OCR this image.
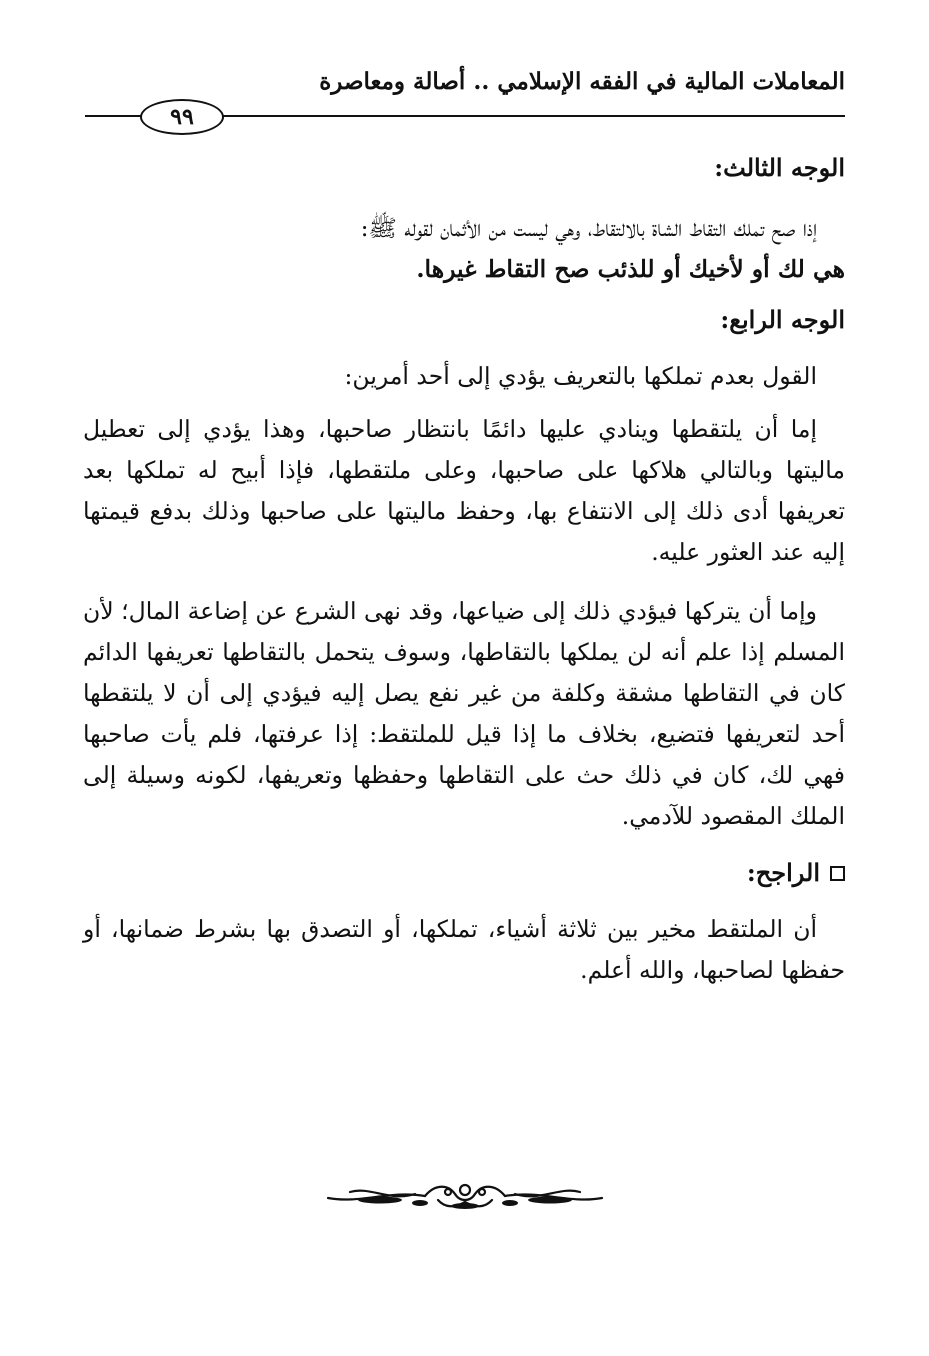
المعاملات المالية في الفقه الإسلامي .. أصالة ومعاصرة
٩٩
الوجه الثالث:

إذا صح تملك التقاط الشاة بالالتقاط، وهي ليست من الأثمان لقوله ﷺ:
هي لك أو لأخيك أو للذئب صح التقاط غيرها.

الوجه الرابع:

القول بعدم تملكها بالتعريف يؤدي إلى أحد أمرين:

إما أن يلتقطها وينادي عليها دائمًا بانتظار صاحبها، وهذا يؤدي إلى تعطيل ماليتها وبالتالي هلاكها على صاحبها، وعلى ملتقطها، فإذا أبيح له تملكها بعد تعريفها أدى ذلك إلى الانتفاع بها، وحفظ ماليتها على صاحبها وذلك بدفع قيمتها إليه عند العثور عليه.

وإما أن يتركها فيؤدي ذلك إلى ضياعها، وقد نهى الشرع عن إضاعة المال؛ لأن المسلم إذا علم أنه لن يملكها بالتقاطها، وسوف يتحمل بالتقاطها تعريفها الدائم كان في التقاطها مشقة وكلفة من غير نفع يصل إليه فيؤدي إلى أن لا يلتقطها أحد لتعريفها فتضيع، بخلاف ما إذا قيل للملتقط: إذا عرفتها، فلم يأت صاحبها فهي لك، كان في ذلك حث على التقاطها وحفظها وتعريفها، لكونه وسيلة إلى الملك المقصود للآدمي.

الراجح:

أن الملتقط مخير بين ثلاثة أشياء، تملكها، أو التصدق بها بشرط ضمانها، أو حفظها لصاحبها، والله أعلم.
